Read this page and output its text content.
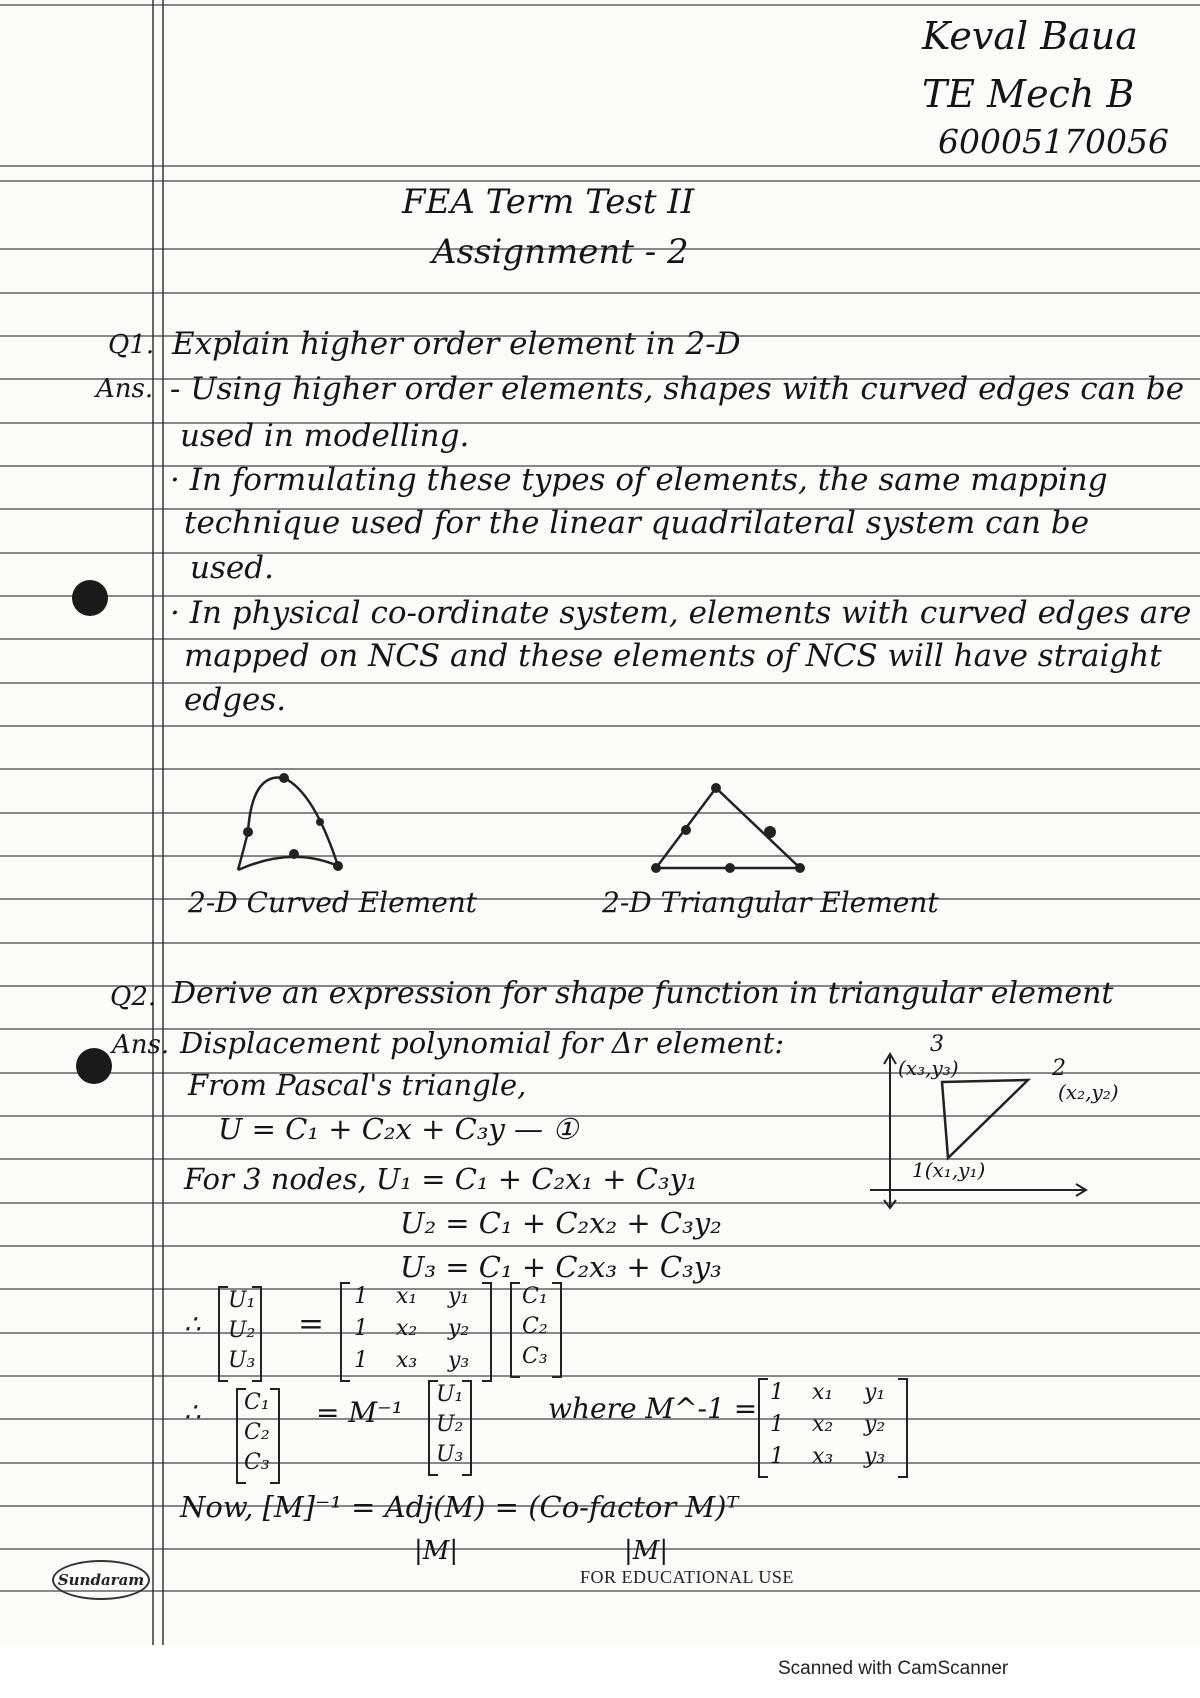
Keval Baua
TE Mech B
60005170056
FEA Term Test II
Assignment - 2
Q1. Explain higher order element in 2-D
Ans. - Using higher order elements, shapes with curved edges can be
used in modelling.
· In formulating these types of elements, the same mapping
technique used for the linear quadrilateral system can be
used.
· In physical co-ordinate system, elements with curved edges are
mapped on NCS and these elements of NCS will have straight
edges.
2-D Curved Element	2-D Triangular Element
Q2. Derive an expression for shape function in triangular element
Ans. Displacement polynomial for Δr element:
From Pascal's triangle,
U = C₁ + C₂x + C₃y — ①
For 3 nodes, U₁ = C₁ + C₂x₁ + C₃y₁
U₂ = C₁ + C₂x₂ + C₃y₂
U₃ = C₁ + C₂x₃ + C₃y₃
3
(x₃,y₃)	2
(x₂,y₂)
1(x₁,y₁)
∴
U₁
U₂
U₃
=
1 x₁ y₁
1 x₂ y₂
1 x₃ y₃
C₁
C₂
C₃
∴ C₁
C₂
C₃
= M⁻¹
U₁
U₂
U₃
where M^-1 = 1 x₁ y₁
1 x₂ y₂
1 x₃ y₃
Now, [M]⁻¹ = Adj(M) = (Co-factor M)ᵀ
|M|	|M|
Sundaram	FOR EDUCATIONAL USE
Scanned with CamScanner
